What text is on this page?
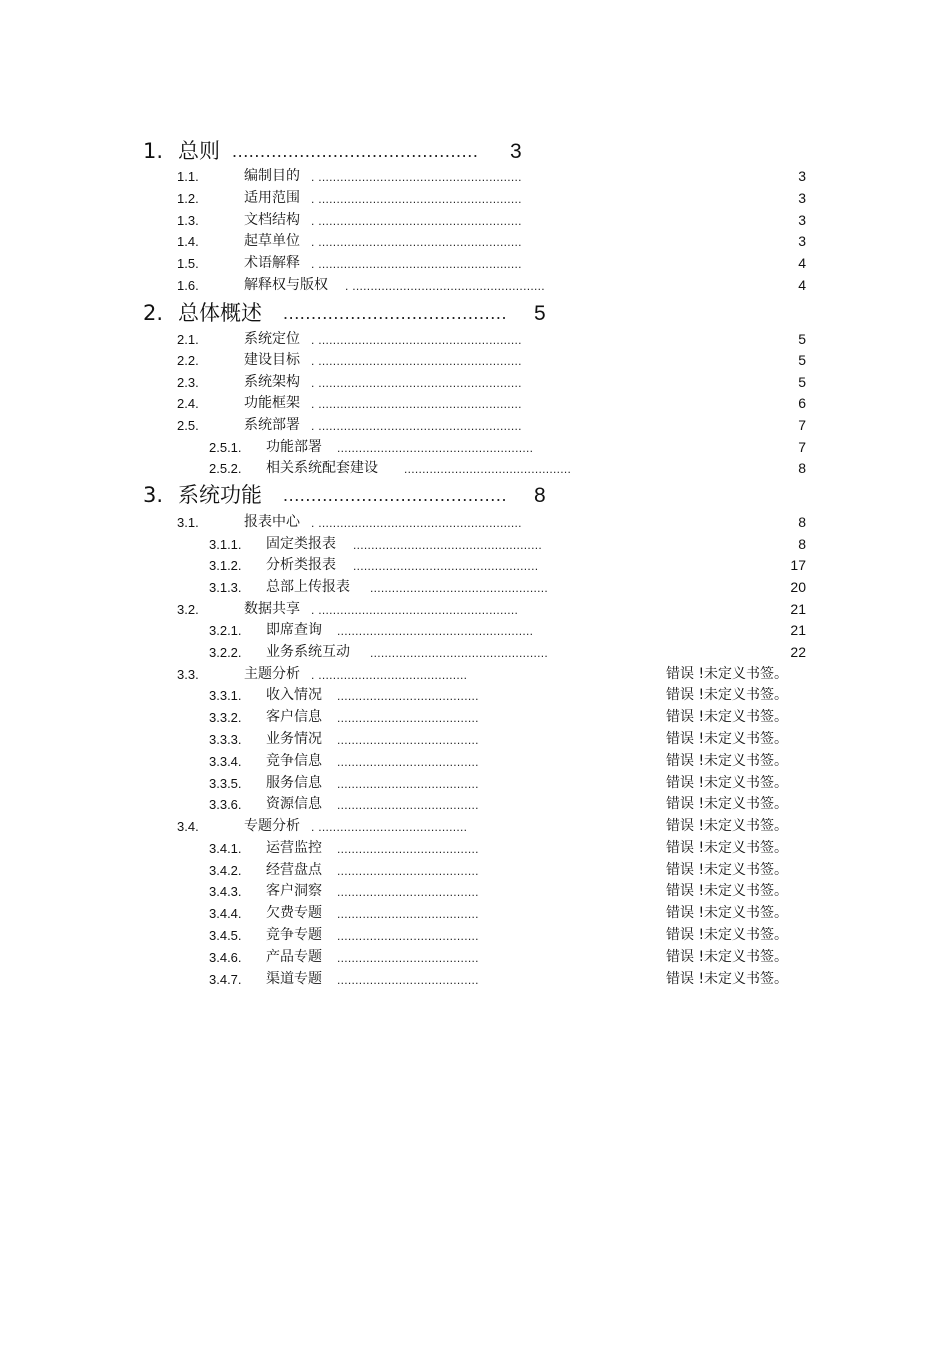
1. 总则 ............................................	3
1.1.	编制目的 . ........................................................	3
1.2.	适用范围 . ........................................................	3
1.3.	文档结构 . ........................................................	3
1.4.	起草单位 . ........................................................	3
1.5.	术语解释 . ........................................................	4
1.6.	解释权与版权 . .....................................................	4
2. 总体概述 ........................................	5
2.1.	系统定位 . ........................................................	5
2.2.	建设目标 . ........................................................	5
2.3.	系统架构 . ........................................................	5
2.4.	功能框架 . ........................................................	6
2.5.	系统部署 . ........................................................	7
2.5.1. 功能部署 ......................................................	7
2.5.2. 相关系统配套建设 ..............................................	8
3. 系统功能 ........................................	8
3.1.	报表中心 . ........................................................	8
3.1.1. 固定类报表 ....................................................	8
3.1.2. 分析类报表 ...................................................	17
3.1.3. 总部上传报表 .................................................	20
3.2.	数据共享 . .......................................................	21
3.2.1. 即席查询 ......................................................	21
3.2.2. 业务系统互动 .................................................	22
3.3.	主题分析 . .........................................	错误 !未定义书签。
3.3.1. 收入情况 .......................................	错误 !未定义书签。
3.3.2. 客户信息 .......................................	错误 !未定义书签。
3.3.3. 业务情况 .......................................	错误 !未定义书签。
3.3.4. 竞争信息 .......................................	错误 !未定义书签。
3.3.5. 服务信息 .......................................	错误 !未定义书签。
3.3.6. 资源信息 .......................................	错误 !未定义书签。
3.4.	专题分析 . .........................................	错误 !未定义书签。
3.4.1. 运营监控 .......................................	错误 !未定义书签。
3.4.2. 经营盘点 .......................................	错误 !未定义书签。
3.4.3. 客户洞察 .......................................	错误 !未定义书签。
3.4.4. 欠费专题 .......................................	错误 !未定义书签。
3.4.5. 竞争专题 .......................................	错误 !未定义书签。
3.4.6. 产品专题 .......................................	错误 !未定义书签。
3.4.7. 渠道专题 .......................................	错误 !未定义书签。
